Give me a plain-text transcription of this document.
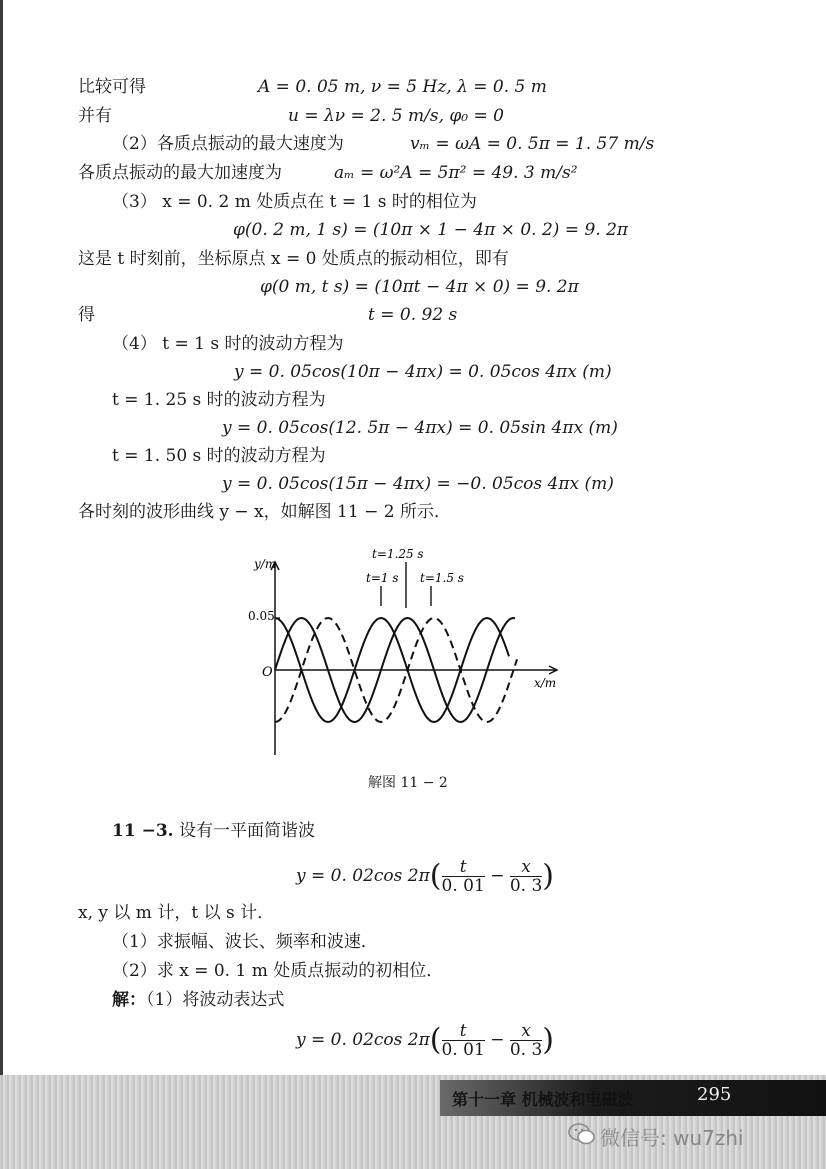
比较可得	A = 0. 05 m, ν = 5 Hz, λ = 0. 5 m
并有	u = λν = 2. 5 m/s, φ₀ = 0
（2）各质点振动的最大速度为	vₘ = ωA = 0. 5π = 1. 57 m/s
各质点振动的最大加速度为	aₘ = ω²A = 5π² = 49. 3 m/s²
（3） x = 0. 2 m 处质点在 t = 1 s 时的相位为
φ(0. 2 m, 1 s) = (10π × 1 − 4π × 0. 2) = 9. 2π
这是 t 时刻前，坐标原点 x = 0 处质点的振动相位，即有
φ(0 m, t s) = (10πt − 4π × 0) = 9. 2π
得	t = 0. 92 s
（4） t = 1 s 时的波动方程为
y = 0. 05cos(10π − 4πx) = 0. 05cos 4πx (m)
t = 1. 25 s 时的波动方程为
y = 0. 05cos(12. 5π − 4πx) = 0. 05sin 4πx (m)
t = 1. 50 s 时的波动方程为
y = 0. 05cos(15π − 4πx) = −0. 05cos 4πx (m)
各时刻的波形曲线 y − x，如解图 11 − 2 所示．
y/m
x/m
O
0.05
t=1 s
t=1.25 s
t=1.5 s
解图 11 − 2
11 −3. 设有一平面简谐波
y = 0. 02cos $2\pi( \frac{t}{0. 01} - \frac{x}{0. 3}$ )
x, y 以 m 计，t 以 s 计．
（1）求振幅、波长、频率和波速．
（2）求 x = 0. 1 m 处质点振动的初相位．
解：（1）将波动表达式
y = 0. 02cos $2\pi( \frac{t}{0. 01} - \frac{x}{0. 3}$ )
第十一章 机械波和电磁波	295
微信号: wu7zhi
